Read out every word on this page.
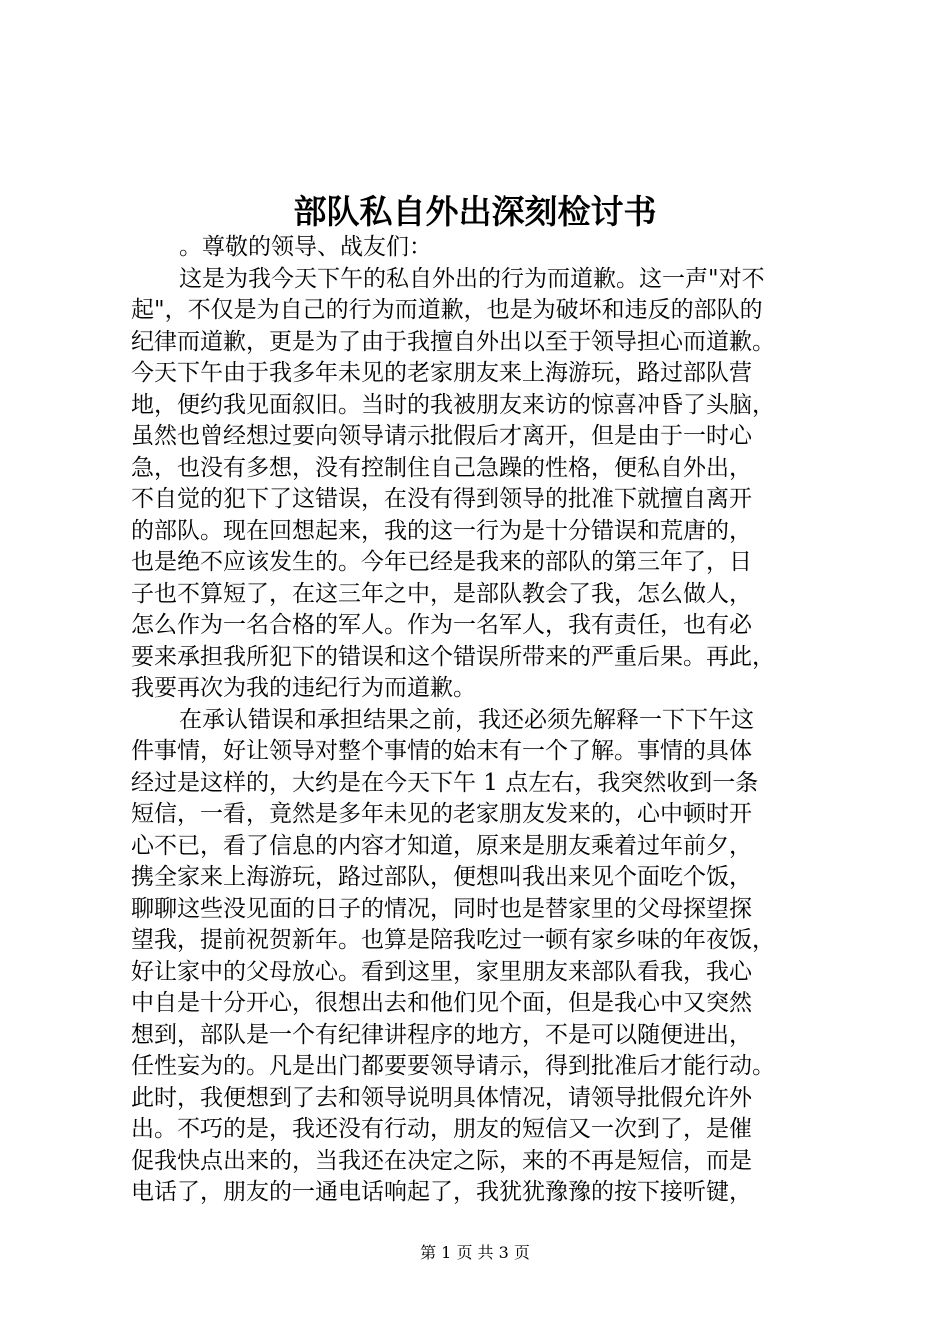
部队私自外出深刻检讨书
。尊敬的领导、战友们：
这是为我今天下午的私自外出的行为而道歉。这一声"对不
起"，不仅是为自己的行为而道歉，也是为破坏和违反的部队的
纪律而道歉，更是为了由于我擅自外出以至于领导担心而道歉。
今天下午由于我多年未见的老家朋友来上海游玩，路过部队营
地，便约我见面叙旧。当时的我被朋友来访的惊喜冲昏了头脑，
虽然也曾经想过要向领导请示批假后才离开，但是由于一时心
急，也没有多想，没有控制住自己急躁的性格，便私自外出，
不自觉的犯下了这错误，在没有得到领导的批准下就擅自离开
的部队。现在回想起来，我的这一行为是十分错误和荒唐的，
也是绝不应该发生的。今年已经是我来的部队的第三年了，日
子也不算短了，在这三年之中，是部队教会了我，怎么做人，
怎么作为一名合格的军人。作为一名军人，我有责任，也有必
要来承担我所犯下的错误和这个错误所带来的严重后果。再此，
我要再次为我的违纪行为而道歉。
在承认错误和承担结果之前，我还必须先解释一下下午这
件事情，好让领导对整个事情的始末有一个了解。事情的具体
经过是这样的，大约是在今天下午 1 点左右，我突然收到一条
短信，一看，竟然是多年未见的老家朋友发来的，心中顿时开
心不已，看了信息的内容才知道，原来是朋友乘着过年前夕，
携全家来上海游玩，路过部队，便想叫我出来见个面吃个饭，
聊聊这些没见面的日子的情况，同时也是替家里的父母探望探
望我，提前祝贺新年。也算是陪我吃过一顿有家乡味的年夜饭，
好让家中的父母放心。看到这里，家里朋友来部队看我，我心
中自是十分开心，很想出去和他们见个面，但是我心中又突然
想到，部队是一个有纪律讲程序的地方，不是可以随便进出，
任性妄为的。凡是出门都要要领导请示，得到批准后才能行动。
此时，我便想到了去和领导说明具体情况，请领导批假允许外
出。不巧的是，我还没有行动，朋友的短信又一次到了，是催
促我快点出来的，当我还在决定之际，来的不再是短信，而是
电话了，朋友的一通电话响起了，我犹犹豫豫的按下接听键，
第 1 页 共 3 页
